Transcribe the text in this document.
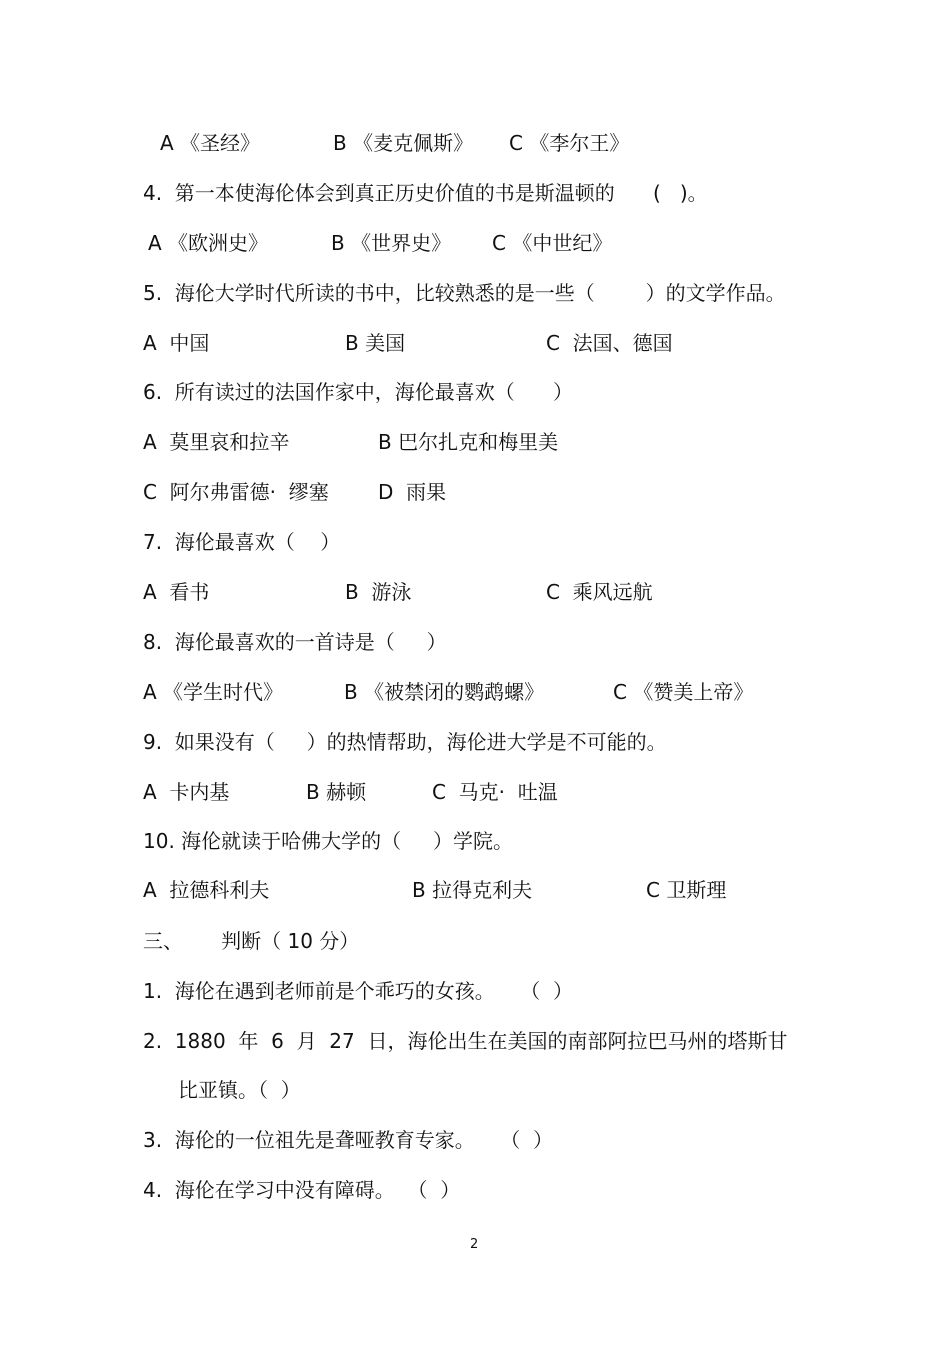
A 《圣经》	B 《麦克佩斯》 C 《李尔王》
4.  第一本使海伦体会到真正历史价值的书是斯温顿的      (   )。
A 《欧洲史》	B 《世界史》 C 《中世纪》
5.  海伦大学时代所读的书中，比较熟悉的是一些（        ）的文学作品。
A  中国	B 美国	C  法国、德国
6.  所有读过的法国作家中，海伦最喜欢（      ）
A  莫里哀和拉辛	B 巴尔扎克和梅里美
C  阿尔弗雷德·  缪塞 D  雨果
7.  海伦最喜欢（    ）
A  看书	B  游泳	C  乘风远航
8.  海伦最喜欢的一首诗是（     ）
A 《学生时代》	B 《被禁闭的鹦鹉螺》	C 《赞美上帝》
9.  如果没有（     ）的热情帮助，海伦进大学是不可能的。
A  卡内基	B 赫顿	C  马克·  吐温
10. 海伦就读于哈佛大学的（     ）学院。
A  拉德科利夫	B 拉得克利夫	C 卫斯理
三、      判断（ 10 分）
1.  海伦在遇到老师前是个乖巧的女孩。    （  ）
2.  1880  年  6  月  27  日，海伦出生在美国的南部阿拉巴马州的塔斯甘
比亚镇。（  ）
3.  海伦的一位祖先是聋哑教育专家。    （  ）
4.  海伦在学习中没有障碍。  （  ）
2
